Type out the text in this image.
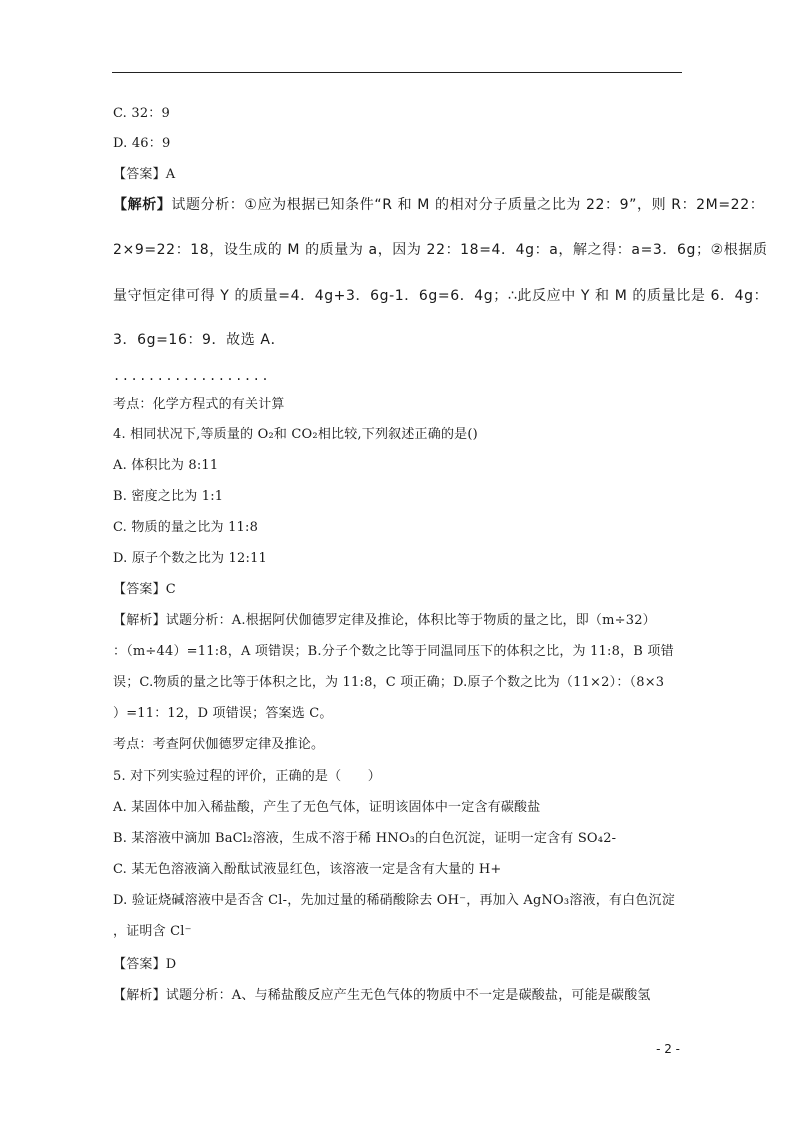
C. 32：9
D. 46：9
【答案】A
【解析】试题分析：①应为根据已知条件“R 和 M 的相对分子质量之比为 22：9”，则 R：2M=22：
2×9=22：18，设生成的 M 的质量为 a，因为 22：18=4．4g：a，解之得：a=3．6g；②根据质
量守恒定律可得 Y 的质量=4．4g+3．6g-1．6g=6．4g；∴此反应中 Y 和 M 的质量比是 6．4g：
3．6g=16：9．故选 A．
..................
考点：化学方程式的有关计算
4. 相同状况下,等质量的 O₂和 CO₂相比较,下列叙述正确的是()
A. 体积比为 8:11
B. 密度之比为 1:1
C. 物质的量之比为 11:8
D. 原子个数之比为 12:11
【答案】C
【解析】试题分析：A.根据阿伏伽德罗定律及推论，体积比等于物质的量之比，即（m÷32）
：（m÷44）=11:8，A 项错误；B.分子个数之比等于同温同压下的体积之比，为 11:8，B 项错
误；C.物质的量之比等于体积之比，为 11:8，C 项正确；D.原子个数之比为（11×2）：（8×3
）=11：12，D 项错误；答案选 C。
考点：考查阿伏伽德罗定律及推论。
5. 对下列实验过程的评价，正确的是（　　）
A. 某固体中加入稀盐酸，产生了无色气体，证明该固体中一定含有碳酸盐
B. 某溶液中滴加 BaCl₂溶液，生成不溶于稀 HNO₃的白色沉淀，证明一定含有 SO₄2-
C. 某无色溶液滴入酚酞试液显红色，该溶液一定是含有大量的 H+
D. 验证烧碱溶液中是否含 Cl-，先加过量的稀硝酸除去 OH⁻，再加入 AgNO₃溶液，有白色沉淀
，证明含 Cl⁻
【答案】D
【解析】试题分析：A、与稀盐酸反应产生无色气体的物质中不一定是碳酸盐，可能是碳酸氢
- 2 -
